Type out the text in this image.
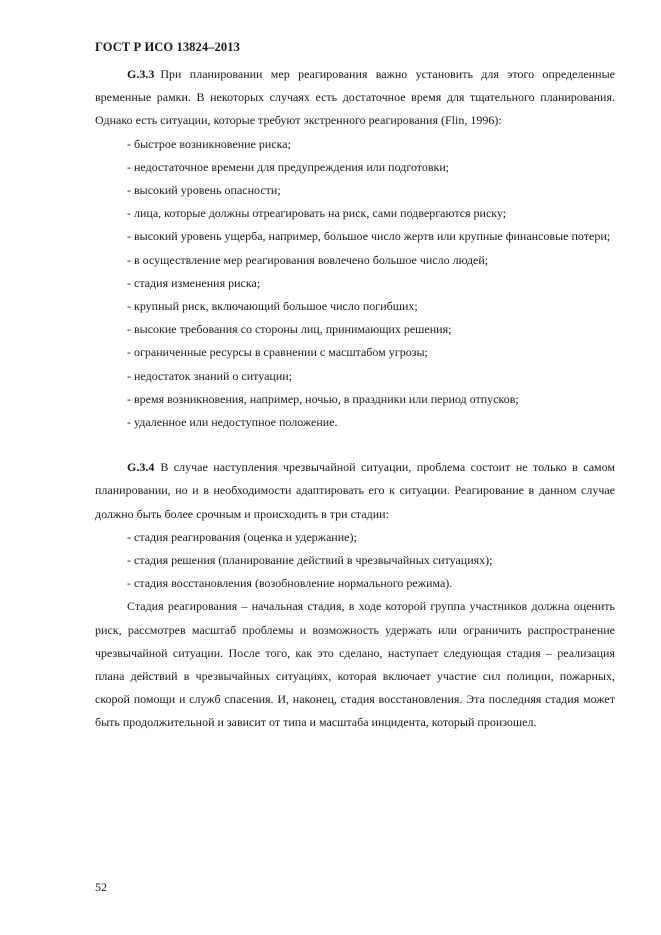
ГОСТ Р ИСО 13824–2013

G.3.3 При планировании мер реагирования важно установить для этого определенные временные рамки. В некоторых случаях есть достаточное время для тщательного планирования. Однако есть ситуации, которые требуют экстренного реагирования (Flin, 1996):

- быстрое возникновение риска;
- недостаточное времени для предупреждения или подготовки;
- высокий уровень опасности;
- лица, которые должны отреагировать на риск, сами подвергаются риску;
- высокий уровень ущерба, например, большое число жертв или крупные финансовые потери;
- в осуществление мер реагирования вовлечено большое число людей;
- стадия изменения риска;
- крупный риск, включающий большое число погибших;
- высокие требования со стороны лиц, принимающих решения;
- ограниченные ресурсы в сравнении с масштабом угрозы;
- недостаток знаний о ситуации;
- время возникновения, например, ночью, в праздники или период отпусков;
- удаленное или недоступное положение.

G.3.4 В случае наступления чрезвычайной ситуации, проблема состоит не только в самом планировании, но и в необходимости адаптировать его к ситуации. Реагирование в данном случае должно быть более срочным и происходить в три стадии:

- стадия реагирования (оценка и удержание);
- стадия решения (планирование действий в чрезвычайных ситуациях);
- стадия восстановления (возобновление нормального режима).

Стадия реагирования – начальная стадия, в ходе которой группа участников должна оценить риск, рассмотрев масштаб проблемы и возможность удержать или ограничить распространение чрезвычайной ситуации. После того, как это сделано, наступает следующая стадия – реализация плана действий в чрезвычайных ситуациях, которая включает участие сил полиции, пожарных, скорой помощи и служб спасения. И, наконец, стадия восстановления. Эта последняя стадия может быть продолжительной и зависит от типа и масштаба инцидента, который произошел.

52
